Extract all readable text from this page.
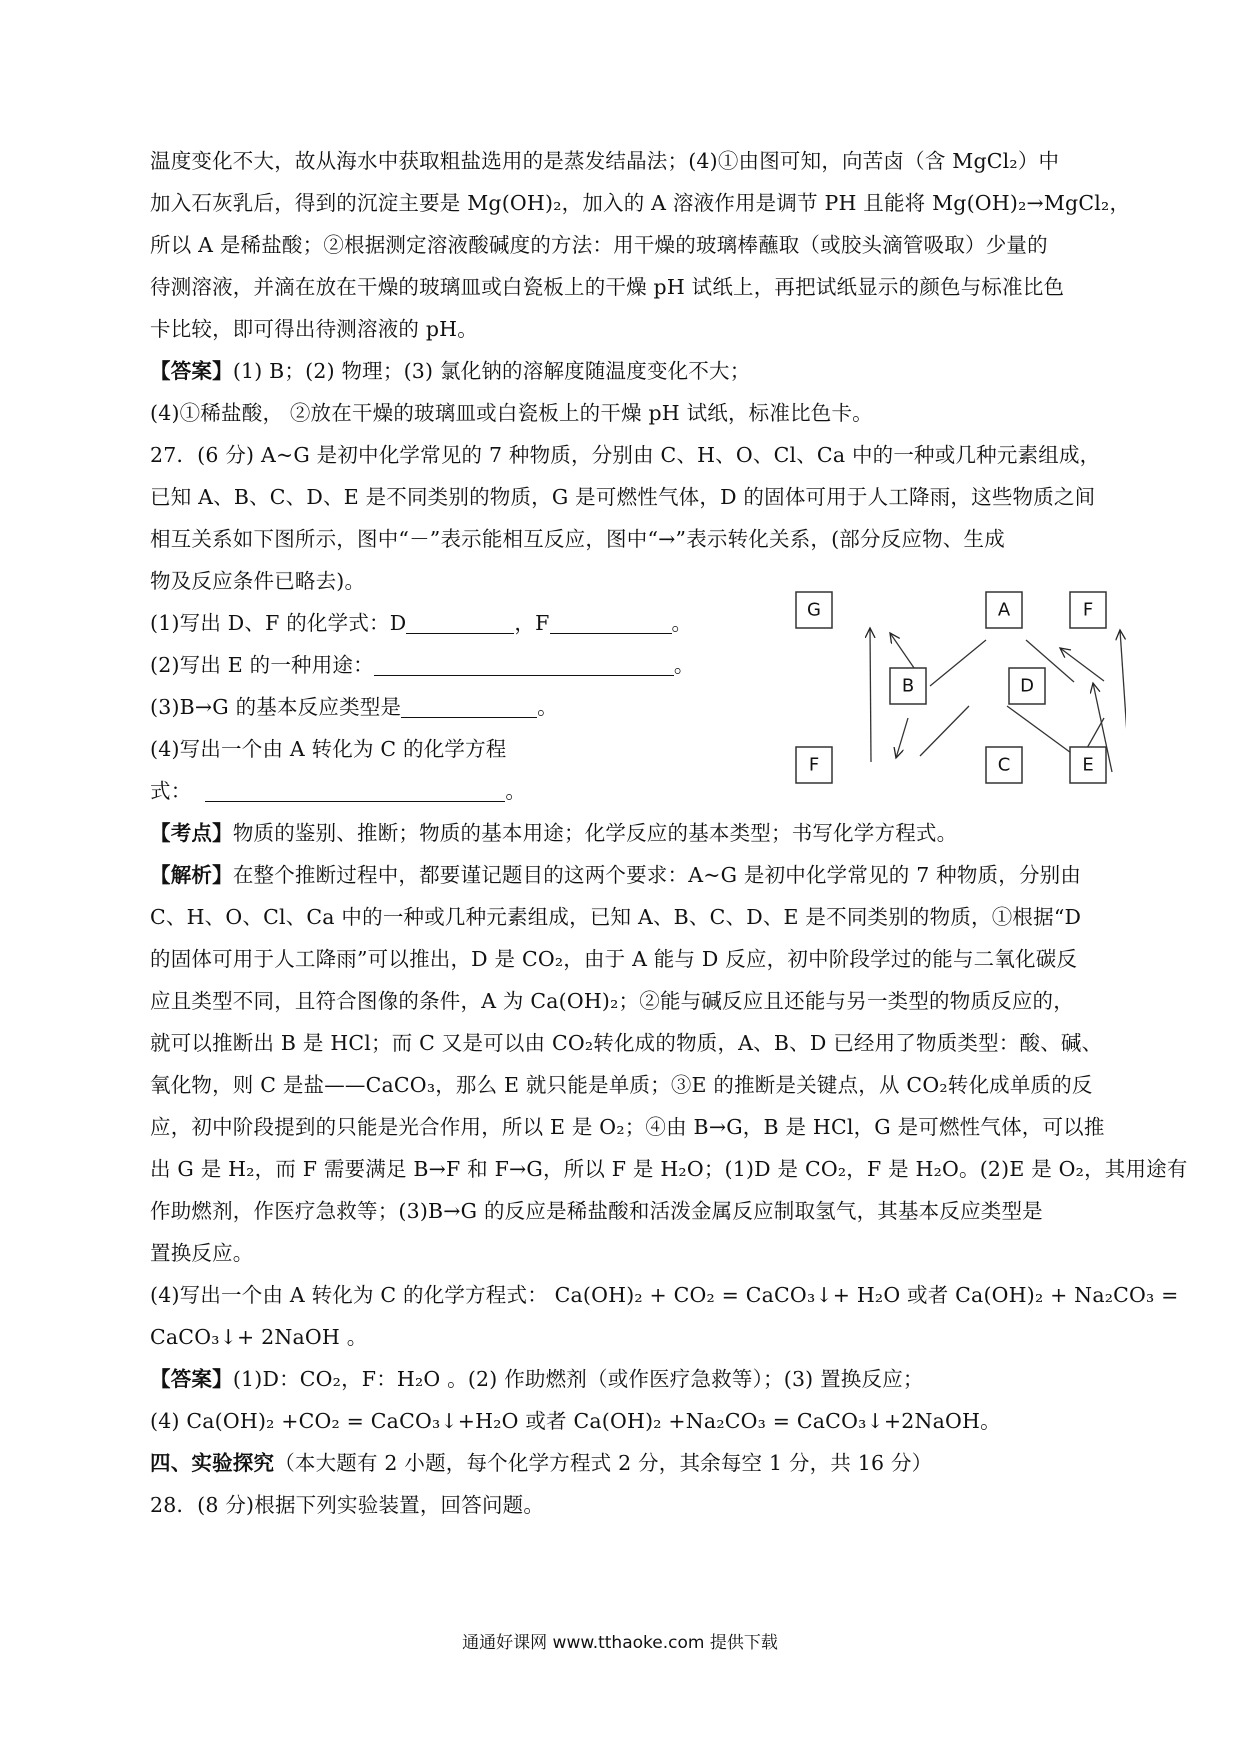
温度变化不大，故从海水中获取粗盐选用的是蒸发结晶法；(4)①由图可知，向苦卤（含 MgCl₂）中
加入石灰乳后，得到的沉淀主要是 Mg(OH)₂，加入的 A 溶液作用是调节 PH 且能将 Mg(OH)₂→MgCl₂，
所以 A 是稀盐酸；②根据测定溶液酸碱度的方法：用干燥的玻璃棒蘸取（或胶头滴管吸取）少量的
待测溶液，并滴在放在干燥的玻璃皿或白瓷板上的干燥 pH 试纸上，再把试纸显示的颜色与标准比色
卡比较，即可得出待测溶液的 pH。
【答案】(1) B；(2) 物理；(3) 氯化钠的溶解度随温度变化不大；
(4)①稀盐酸， ②放在干燥的玻璃皿或白瓷板上的干燥 pH 试纸，标准比色卡。
27．(6 分) A~G 是初中化学常见的 7 种物质，分别由 C、H、O、Cl、Ca 中的一种或几种元素组成，
已知 A、B、C、D、E 是不同类别的物质，G 是可燃性气体，D 的固体可用于人工降雨，这些物质之间
相互关系如下图所示，图中“－”表示能相互反应，图中“→”表示转化关系，(部分反应物、生成
物及反应条件已略去)。
(1)写出 D、F 的化学式：D	，F	。
(2)写出 E 的一种用途：	。
(3)B→G 的基本反应类型是	。
(4)写出一个由 A 转化为 C 的化学方程
式：	。
【考点】物质的鉴别、推断；物质的基本用途；化学反应的基本类型；书写化学方程式。
【解析】在整个推断过程中，都要谨记题目的这两个要求：A~G 是初中化学常见的 7 种物质，分别由
C、H、O、Cl、Ca 中的一种或几种元素组成，已知 A、B、C、D、E 是不同类别的物质，①根据“D
的固体可用于人工降雨”可以推出，D 是 CO₂，由于 A 能与 D 反应，初中阶段学过的能与二氧化碳反
应且类型不同，且符合图像的条件，A 为 Ca(OH)₂；②能与碱反应且还能与另一类型的物质反应的，
就可以推断出 B 是 HCl；而 C 又是可以由 CO₂转化成的物质，A、B、D 已经用了物质类型：酸、碱、
氧化物，则 C 是盐——CaCO₃，那么 E 就只能是单质；③E 的推断是关键点，从 CO₂转化成单质的反
应，初中阶段提到的只能是光合作用，所以 E 是 O₂；④由 B→G，B 是 HCl，G 是可燃性气体，可以推
出 G 是 H₂，而 F 需要满足 B→F 和 F→G，所以 F 是 H₂O；(1)D 是 CO₂，F 是 H₂O。(2)E 是 O₂，其用途有
作助燃剂，作医疗急救等；(3)B→G 的反应是稀盐酸和活泼金属反应制取氢气，其基本反应类型是
置换反应。
(4)写出一个由 A 转化为 C 的化学方程式： Ca(OH)₂ + CO₂ = CaCO₃↓+ H₂O 或者 Ca(OH)₂ + Na₂CO₃ =
CaCO₃↓+ 2NaOH 。
【答案】(1)D：CO₂，F：H₂O 。(2) 作助燃剂（或作医疗急救等）；(3) 置换反应；
(4) Ca(OH)₂ +CO₂ = CaCO₃↓+H₂O 或者 Ca(OH)₂ +Na₂CO₃ = CaCO₃↓+2NaOH。
四、实验探究（本大题有 2 小题，每个化学方程式 2 分，其余每空 1 分，共 16 分）
28．(8 分)根据下列实验装置，回答问题。
G	A	F
B	D
F	C	E
通通好课网 www.tthaoke.com 提供下载
